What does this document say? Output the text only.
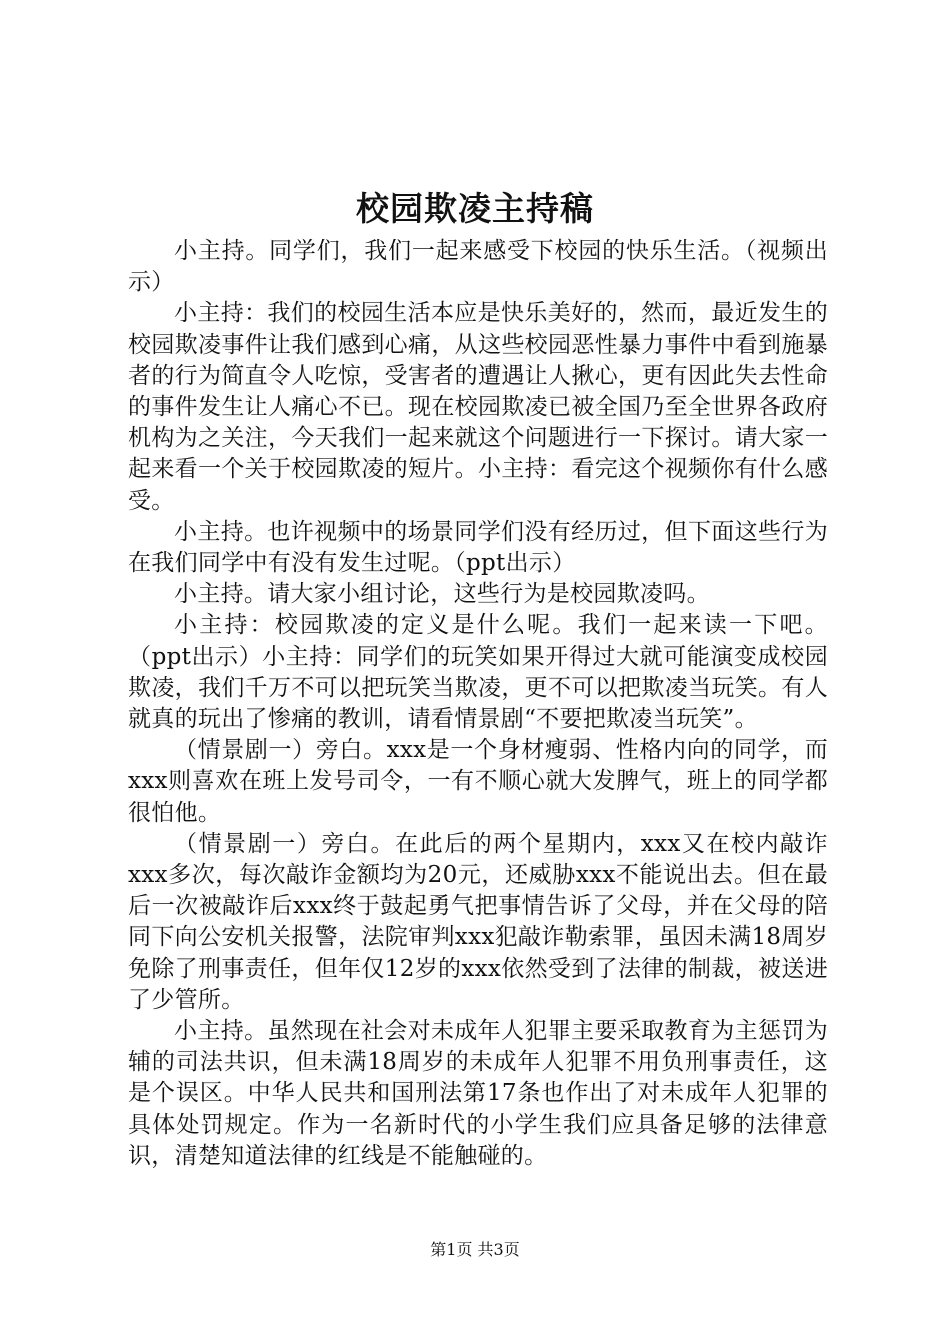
校园欺凌主持稿

小主持。同学们，我们一起来感受下校园的快乐生活。（视频出示）

小主持：我们的校园生活本应是快乐美好的，然而，最近发生的校园欺凌事件让我们感到心痛，从这些校园恶性暴力事件中看到施暴者的行为简直令人吃惊，受害者的遭遇让人揪心，更有因此失去性命的事件发生让人痛心不已。现在校园欺凌已被全国乃至全世界各政府机构为之关注，今天我们一起来就这个问题进行一下探讨。请大家一起来看一个关于校园欺凌的短片。小主持：看完这个视频你有什么感受。

小主持。也许视频中的场景同学们没有经历过，但下面这些行为在我们同学中有没有发生过呢。（ppt出示）

小主持。请大家小组讨论，这些行为是校园欺凌吗。

小主持：校园欺凌的定义是什么呢。我们一起来读一下吧。（ppt出示）小主持：同学们的玩笑如果开得过大就可能演变成校园欺凌，我们千万不可以把玩笑当欺凌，更不可以把欺凌当玩笑。有人就真的玩出了惨痛的教训，请看情景剧“不要把欺凌当玩笑”。

（情景剧一）旁白。xxx是一个身材瘦弱、性格内向的同学，而xxx则喜欢在班上发号司令，一有不顺心就大发脾气，班上的同学都很怕他。

（情景剧一）旁白。在此后的两个星期内，xxx又在校内敲诈xxx多次，每次敲诈金额均为20元，还威胁xxx不能说出去。但在最后一次被敲诈后xxx终于鼓起勇气把事情告诉了父母，并在父母的陪同下向公安机关报警，法院审判xxx犯敲诈勒索罪，虽因未满18周岁免除了刑事责任，但年仅12岁的xxx依然受到了法律的制裁，被送进了少管所。

小主持。虽然现在社会对未成年人犯罪主要采取教育为主惩罚为辅的司法共识，但未满18周岁的未成年人犯罪不用负刑事责任，这是个误区。中华人民共和国刑法第17条也作出了对未成年人犯罪的具体处罚规定。作为一名新时代的小学生我们应具备足够的法律意识，清楚知道法律的红线是不能触碰的。

第1页 共3页
